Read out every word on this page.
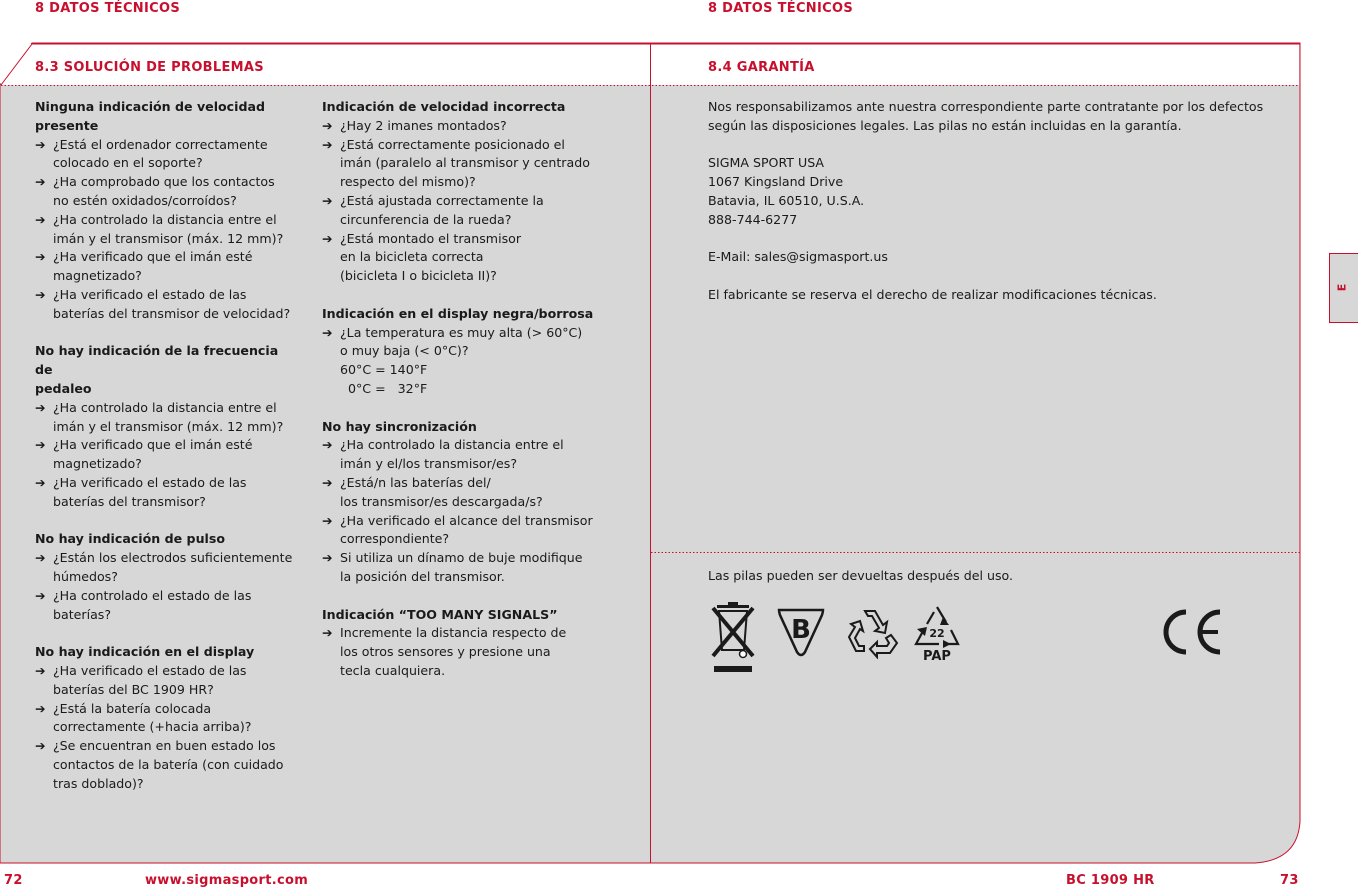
8 DATOS TÉCNICOS	8 DATOS TÉCNICOS
8.3 SOLUCIÓN DE PROBLEMAS	8.4 GARANTÍA
Ninguna indicación de velocidad
presente
➔ ¿Está el ordenador correctamente
colocado en el soporte?
➔ ¿Ha comprobado que los contactos
no estén oxidados/corroídos?
➔ ¿Ha controlado la distancia entre el
imán y el transmisor (máx. 12 mm)?
➔ ¿Ha verificado que el imán esté
magnetizado?
➔ ¿Ha verificado el estado de las
baterías del transmisor de velocidad?
No hay indicación de la frecuencia de
pedaleo
➔ ¿Ha controlado la distancia entre el
imán y el transmisor (máx. 12 mm)?
➔ ¿Ha verificado que el imán esté
magnetizado?
➔ ¿Ha verificado el estado de las
baterías del transmisor?
No hay indicación de pulso
➔ ¿Están los electrodos suficientemente
húmedos?
➔ ¿Ha controlado el estado de las
baterías?
No hay indicación en el display
➔ ¿Ha verificado el estado de las
baterías del BC 1909 HR?
➔ ¿Está la batería colocada
correctamente (+hacia arriba)?
➔ ¿Se encuentran en buen estado los
contactos de la batería (con cuidado
tras doblado)?
Indicación de velocidad incorrecta
➔ ¿Hay 2 imanes montados?
➔ ¿Está correctamente posicionado el
imán (paralelo al transmisor y centrado
respecto del mismo)?
➔ ¿Está ajustada correctamente la
circunferencia de la rueda?
➔ ¿Está montado el transmisor
en la bicicleta correcta
(bicicleta I o bicicleta II)?
Indicación en el display negra/borrosa
➔ ¿La temperatura es muy alta (> 60°C)
o muy baja (< 0°C)?
60°C = 140°F
0°C =   32°F
No hay sincronización
➔ ¿Ha controlado la distancia entre el
imán y el/los transmisor/es?
➔ ¿Está/n las baterías del/
los transmisor/es descargada/s?
➔ ¿Ha verificado el alcance del transmisor
correspondiente?
➔ Si utiliza un dínamo de buje modifique
la posición del transmisor.
Indicación “TOO MANY SIGNALS”
➔ Incremente la distancia respecto de
los otros sensores y presione una
tecla cualquiera.
Nos responsabilizamos ante nuestra correspondiente parte contratante por los defectos
según las disposiciones legales. Las pilas no están incluidas en la garantía.
SIGMA SPORT USA
1067 Kingsland Drive
Batavia, IL 60510, U.S.A.
888-744-6277
E-Mail: sales@sigmasport.us
El fabricante se reserva el derecho de realizar modificaciones técnicas.
Las pilas pueden ser devueltas después del uso.
B	22
PAP
E
72	www.sigmasport.com	BC 1909 HR	73
